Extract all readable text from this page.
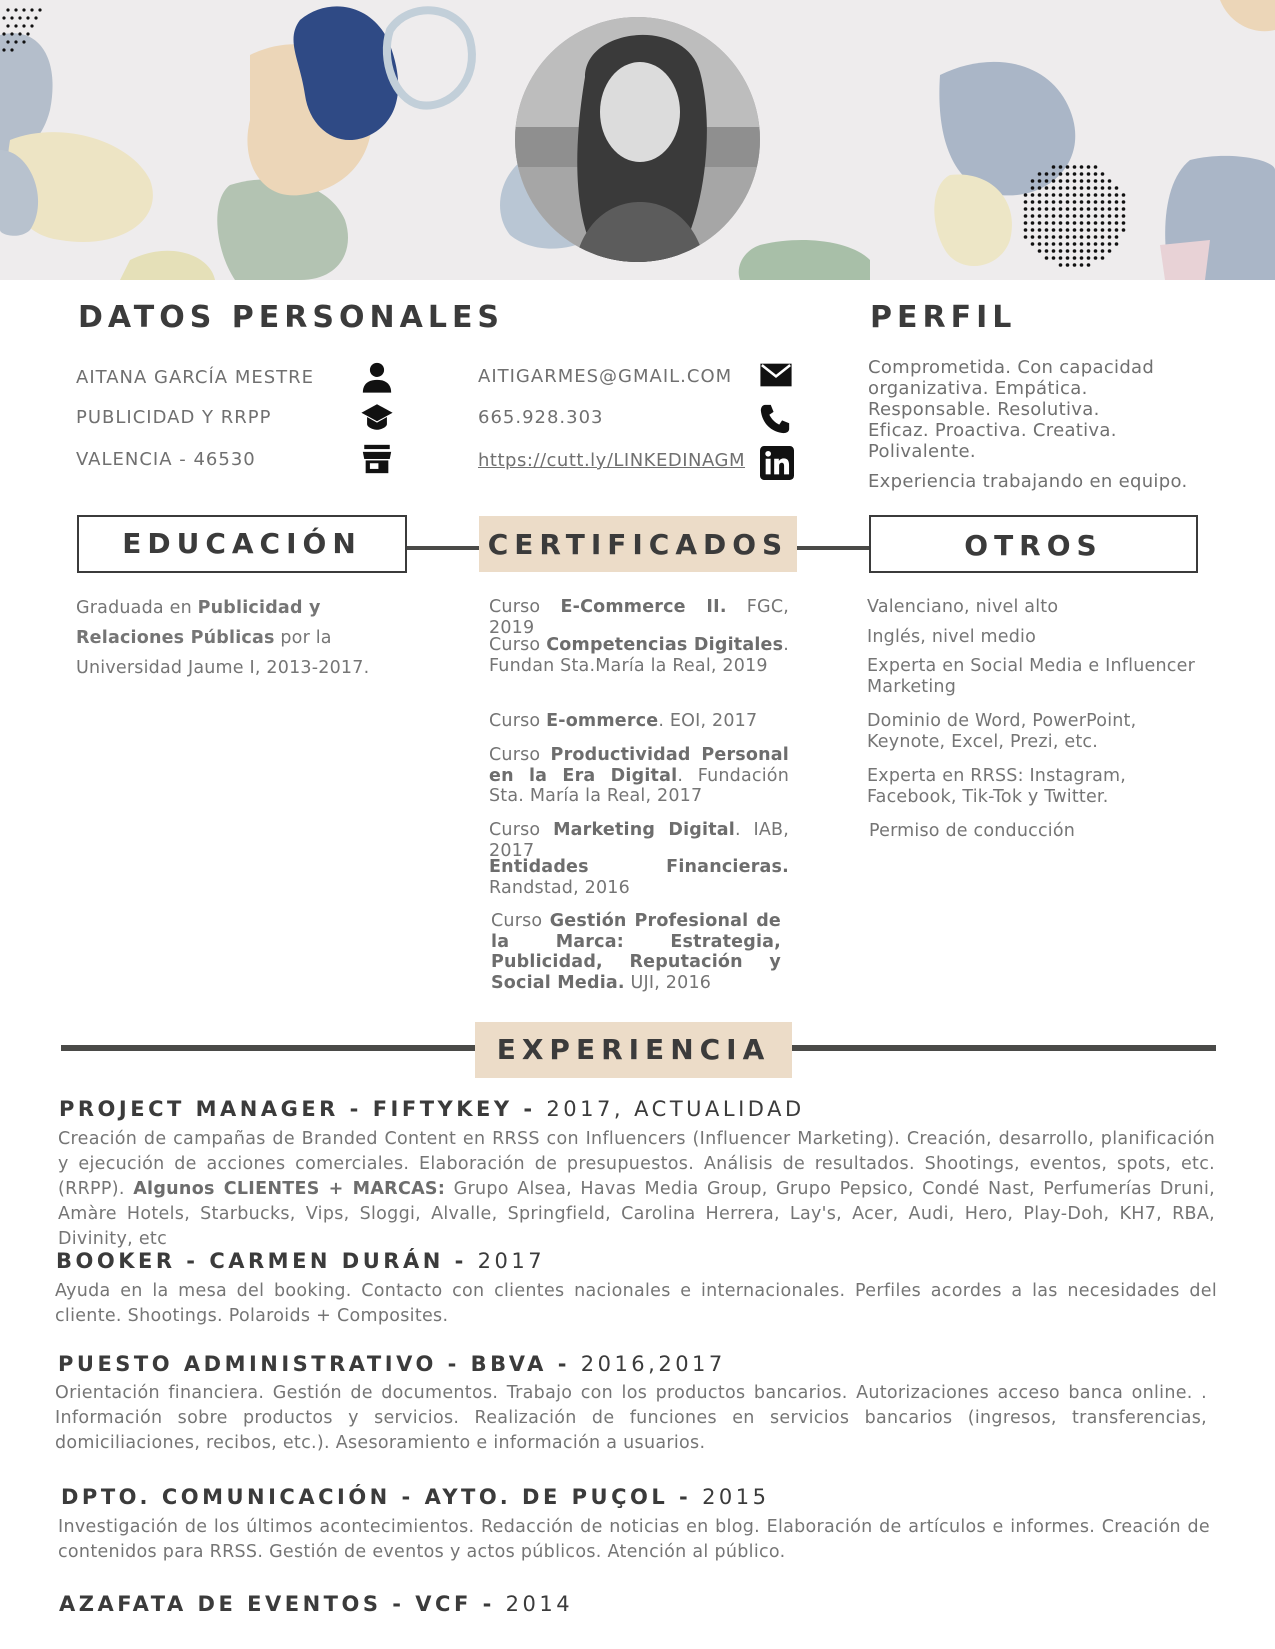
DATOS PERSONALES
AITANA GARCÍA MESTRE
PUBLICIDAD Y RRPP
VALENCIA - 46530
AITIGARMES@GMAIL.COM
665.928.303
https://cutt.ly/LINKEDINAGM
PERFIL
Comprometida. Con capacidad
organizativa. Empática.
Responsable. Resolutiva.
Eficaz. Proactiva. Creativa.
Polivalente.
Experiencia trabajando en equipo.
EDUCACIÓN	CERTIFICADOS	OTROS
Graduada en Publicidad y Relaciones Públicas por la Universidad Jaume I, 2013-2017.
Curso E-Commerce II. FGC, 2019
Curso Competencias Digitales. Fundan Sta.María la Real, 2019
Curso E-ommerce. EOI, 2017
Curso Productividad Personal en la Era Digital. Fundación Sta. María la Real, 2017
Curso Marketing Digital. IAB, 2017
Entidades Financieras. Randstad, 2016
Curso Gestión Profesional de la Marca: Estrategia, Publicidad, Reputación y Social Media. UJI, 2016
Valenciano, nivel alto
Inglés, nivel medio
Experta en Social Media e Influencer Marketing
Dominio de Word, PowerPoint, Keynote, Excel, Prezi, etc.
Experta en RRSS: Instagram, Facebook, Tik-Tok y Twitter.
Permiso de conducción
EXPERIENCIA
PROJECT MANAGER - FIFTYKEY - 2017, ACTUALIDAD
Creación de campañas de Branded Content en RRSS con Influencers (Influencer Marketing). Creación, desarrollo, planificación y ejecución de acciones comerciales. Elaboración de presupuestos. Análisis de resultados. Shootings, eventos, spots, etc. (RRPP). Algunos CLIENTES + MARCAS: Grupo Alsea, Havas Media Group, Grupo Pepsico, Condé Nast, Perfumerías Druni, Amàre Hotels, Starbucks, Vips, Sloggi, Alvalle, Springfield, Carolina Herrera, Lay's, Acer, Audi, Hero, Play-Doh, KH7, RBA, Divinity, etc
BOOKER - CARMEN DURÁN - 2017
Ayuda en la mesa del booking. Contacto con clientes nacionales e internacionales. Perfiles acordes a las necesidades del cliente. Shootings. Polaroids + Composites.
PUESTO ADMINISTRATIVO - BBVA - 2016,2017
Orientación financiera. Gestión de documentos. Trabajo con los productos bancarios. Autorizaciones acceso banca online. . Información sobre productos y servicios. Realización de funciones en servicios bancarios (ingresos, transferencias, domiciliaciones, recibos, etc.). Asesoramiento e información a usuarios.
DPTO. COMUNICACIÓN - AYTO. DE PUÇOL - 2015
Investigación de los últimos acontecimientos. Redacción de noticias en blog. Elaboración de artículos e informes. Creación de contenidos para RRSS. Gestión de eventos y actos públicos. Atención al público.
AZAFATA DE EVENTOS - VCF - 2014
